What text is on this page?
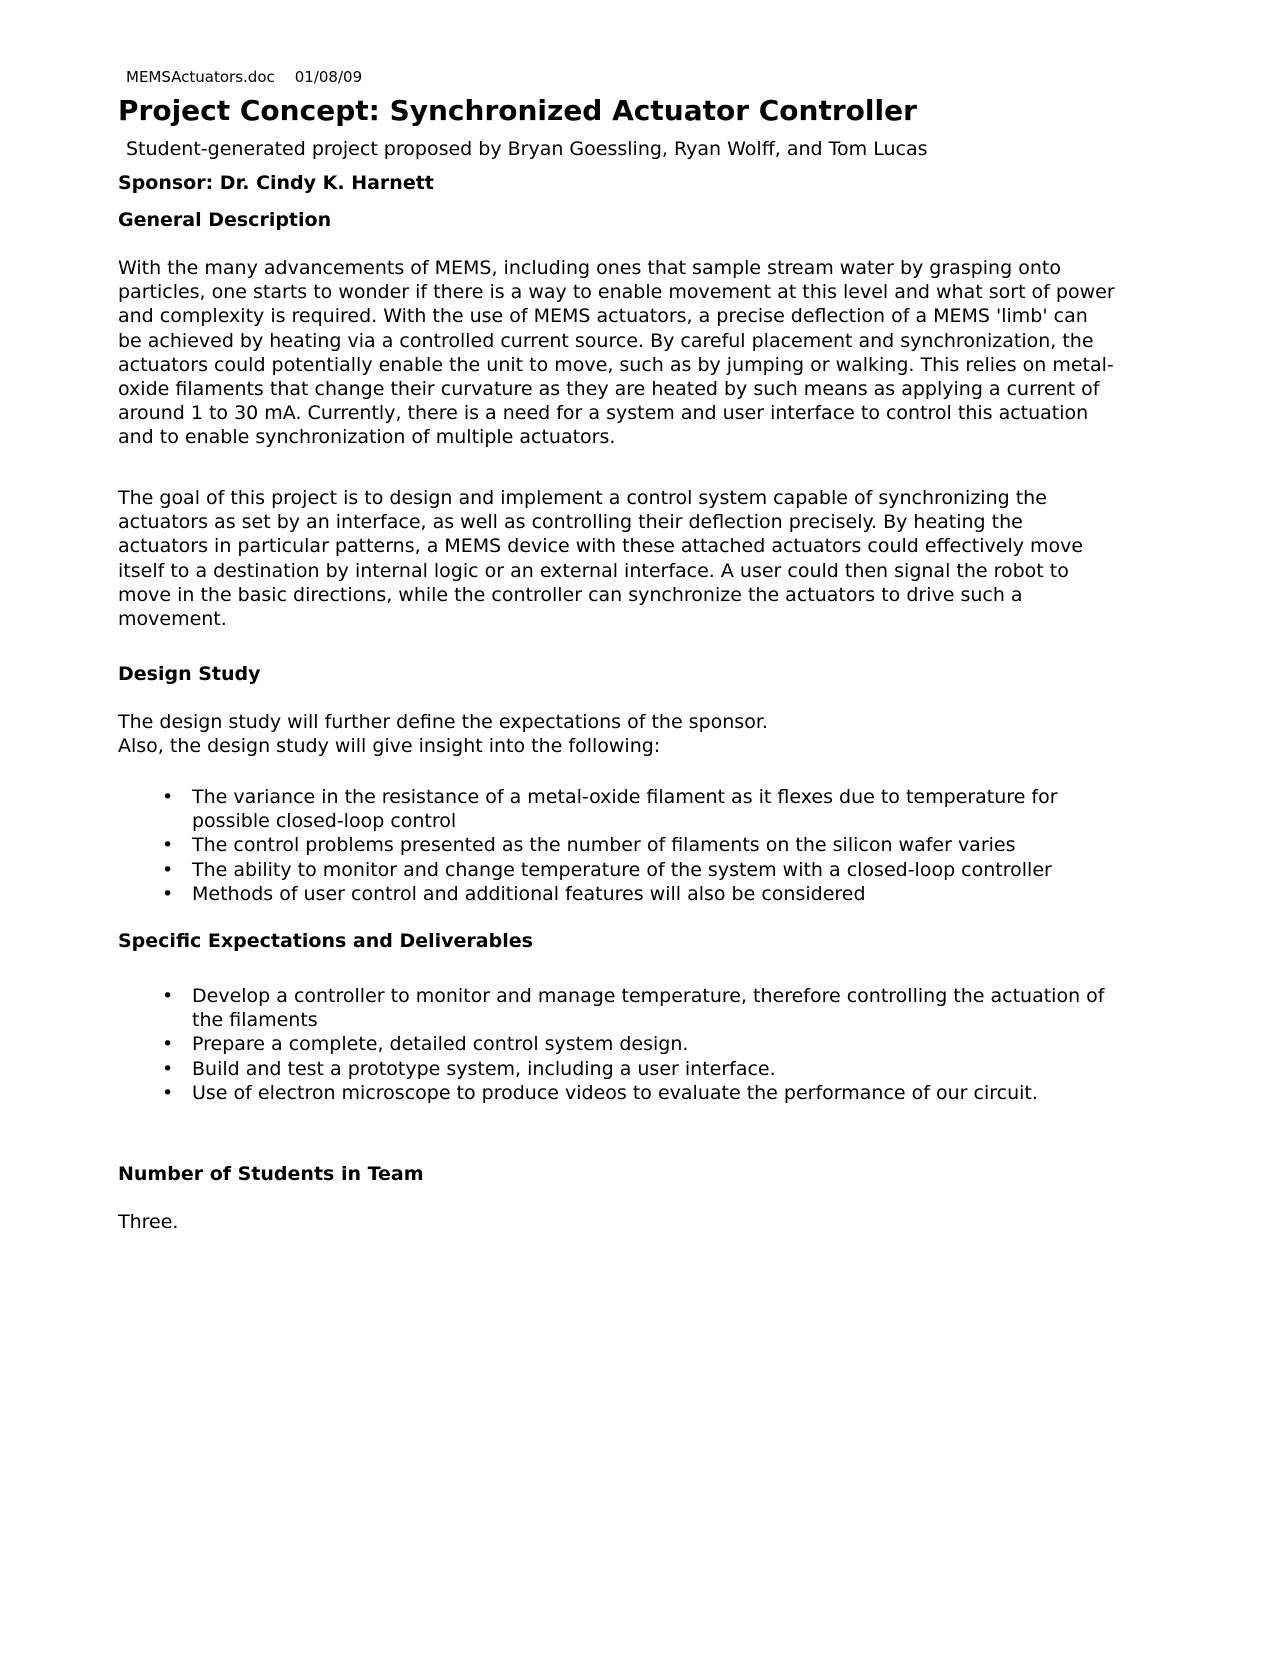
MEMSActuators.doc 01/08/09
Project Concept: Synchronized Actuator Controller

Student-generated project proposed by Bryan Goessling, Ryan Wolff, and Tom Lucas

Sponsor: Dr. Cindy K. Harnett

General Description
With the many advancements of MEMS, including ones that sample stream water by grasping onto
particles, one starts to wonder if there is a way to enable movement at this level and what sort of power
and complexity is required. With the use of MEMS actuators, a precise deflection of a MEMS 'limb' can
be achieved by heating via a controlled current source. By careful placement and synchronization, the
actuators could potentially enable the unit to move, such as by jumping or walking. This relies on metal-
oxide filaments that change their curvature as they are heated by such means as applying a current of
around 1 to 30 mA. Currently, there is a need for a system and user interface to control this actuation
and to enable synchronization of multiple actuators.
The goal of this project is to design and implement a control system capable of synchronizing the
actuators as set by an interface, as well as controlling their deflection precisely. By heating the
actuators in particular patterns, a MEMS device with these attached actuators could effectively move
itself to a destination by internal logic or an external interface. A user could then signal the robot to
move in the basic directions, while the controller can synchronize the actuators to drive such a
movement.
Design Study
The design study will further define the expectations of the sponsor.
Also, the design study will give insight into the following:
• The variance in the resistance of a metal-oxide filament as it flexes due to temperature for
possible closed-loop control
• The control problems presented as the number of filaments on the silicon wafer varies
• The ability to monitor and change temperature of the system with a closed-loop controller
• Methods of user control and additional features will also be considered
Specific Expectations and Deliverables
• Develop a controller to monitor and manage temperature, therefore controlling the actuation of
the filaments
• Prepare a complete, detailed control system design.
• Build and test a prototype system, including a user interface.
• Use of electron microscope to produce videos to evaluate the performance of our circuit.
Number of Students in Team

Three.
